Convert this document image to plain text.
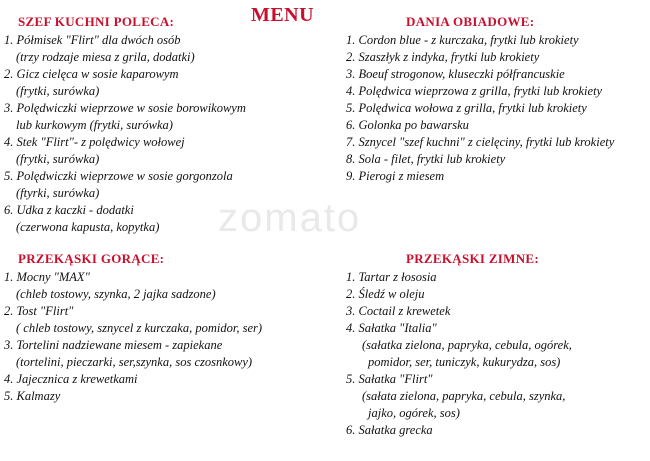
zomato
MENU
SZEF KUCHNI POLECA:
1. Półmisek "Flirt" dla dwóch osób
(trzy rodzaje miesa z grila, dodatki)
2. Gicz cielęca w sosie kaparowym
(frytki, surówka)
3. Polędwiczki wieprzowe w sosie borowikowym
lub kurkowym (frytki, surówka)
4. Stek "Flirt"- z polędwicy wołowej
(frytki, surówka)
5. Polędwiczki wieprzowe w sosie gorgonzola
(ftyrki, surówka)
6. Udka z kaczki - dodatki
(czerwona kapusta, kopytka)
DANIA OBIADOWE:
1. Cordon blue - z kurczaka, frytki lub krokiety
2. Szaszłyk z indyka, frytki lub krokiety
3. Boeuf strogonow, kluseczki półfrancuskie
4. Polędwica wieprzowa z grilla, frytki lub krokiety
5. Polędwica wołowa z grilla, frytki lub krokiety
6. Golonka po bawarsku
7. Sznycel "szef kuchni" z cielęciny, frytki lub krokiety
8. Sola - filet, frytki lub krokiety
9. Pierogi z miesem
PRZEKĄSKI GORĄCE:
1. Mocny "MAX"
(chleb tostowy, szynka, 2 jajka sadzone)
2. Tost "Flirt"
( chleb tostowy, sznycel z kurczaka, pomidor, ser)
3. Tortelini nadziewane miesem - zapiekane
(tortelini, pieczarki, ser,szynka, sos czosnkowy)
4. Jajecznica z krewetkami
5. Kalmazy
PRZEKĄSKI ZIMNE:
1. Tartar z łososia
2. Śledź w oleju
3. Coctail z krewetek
4. Sałatka "Italia"
(sałatka zielona, papryka, cebula, ogórek,
pomidor, ser, tuniczyk, kukurydza, sos)
5. Sałatka "Flirt"
(sałata zielona, papryka, cebula, szynka,
jajko, ogórek, sos)
6. Sałatka grecka
